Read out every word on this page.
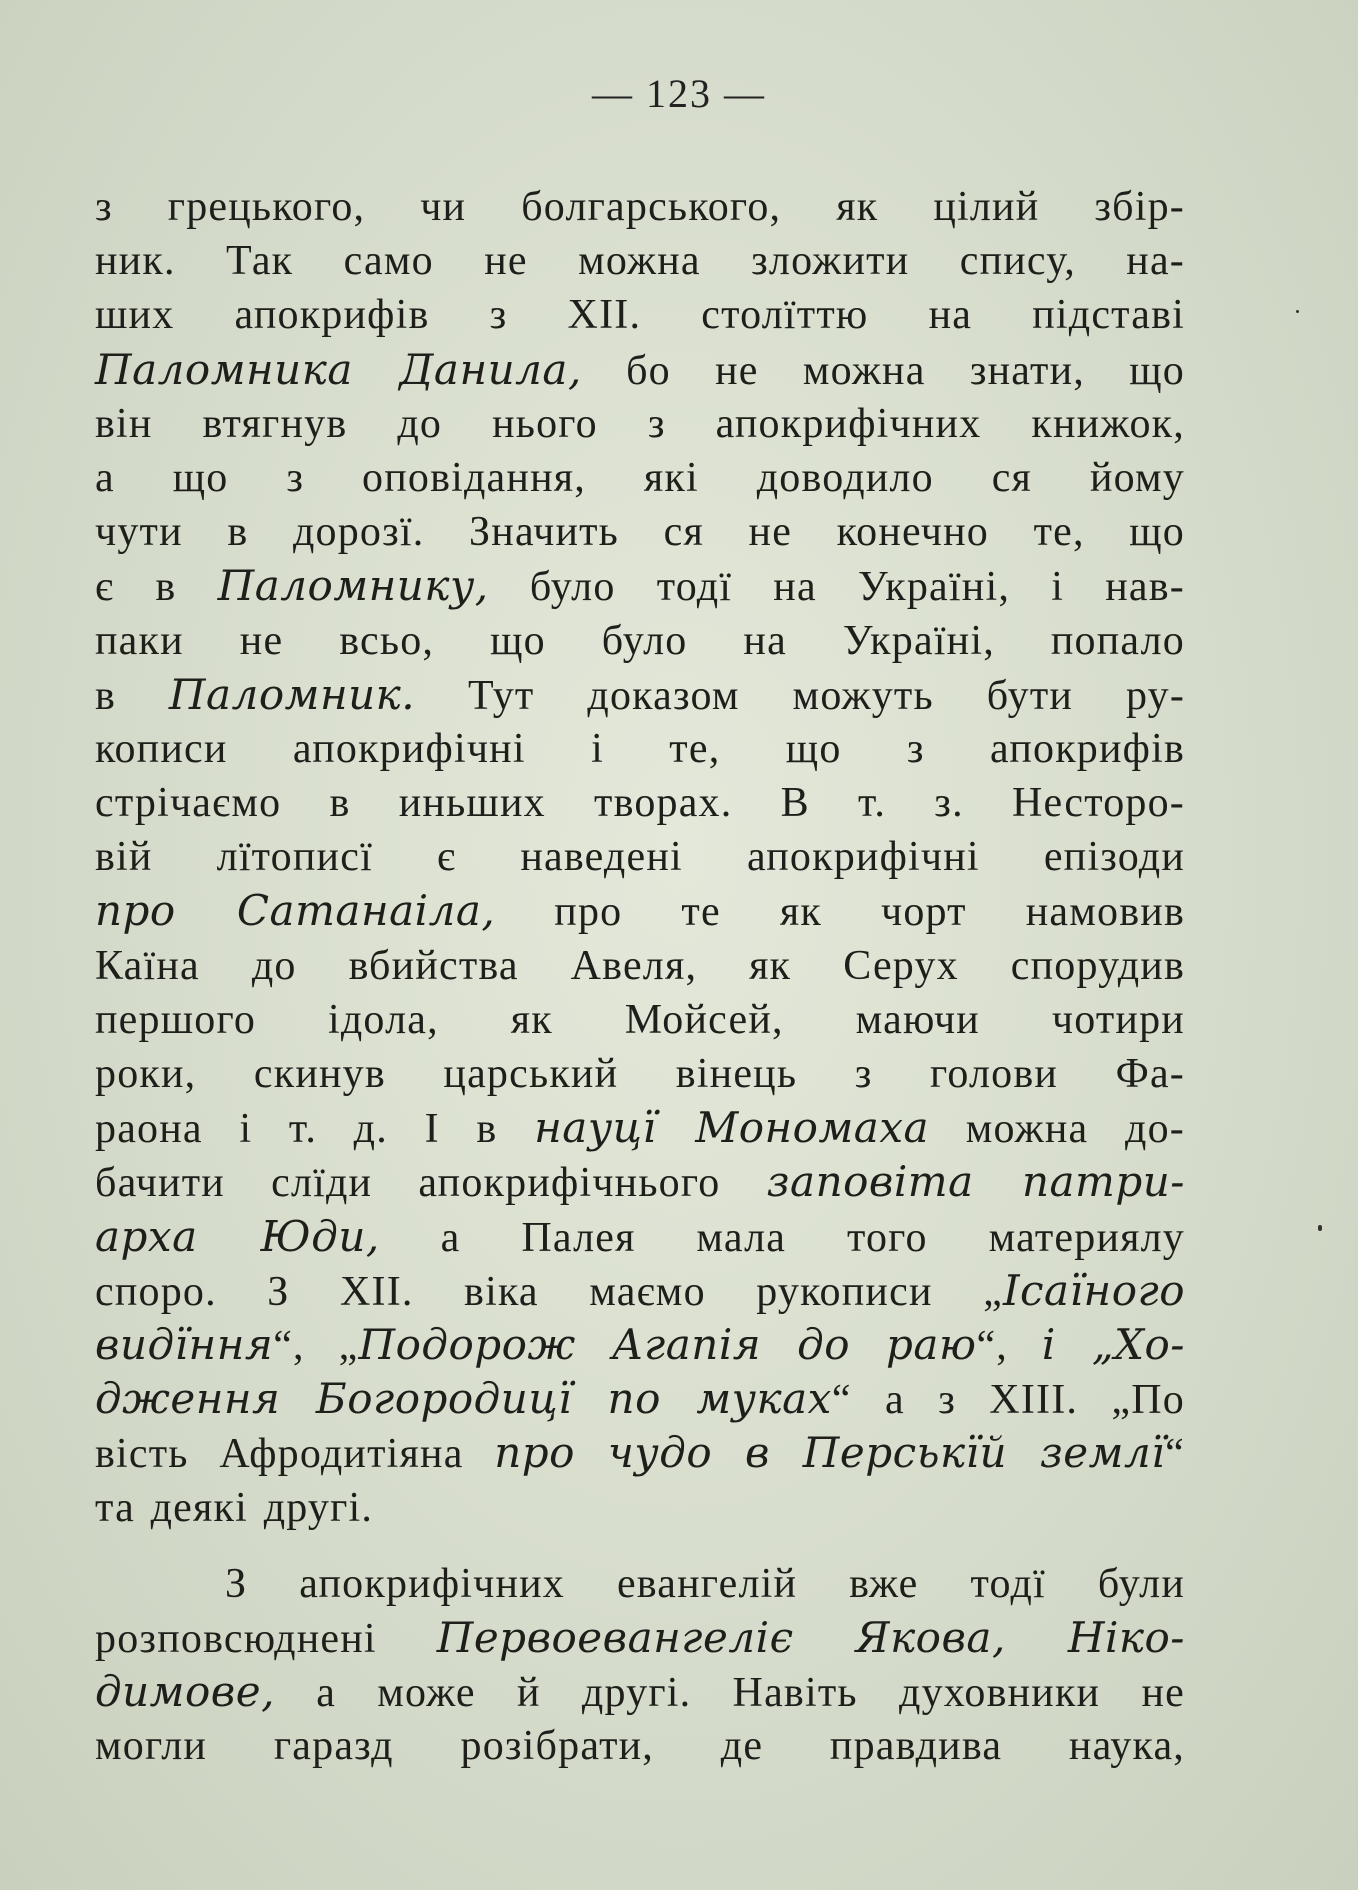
— 123 —
з грецького, чи болгарського, як цілий збір-
ник. Так само не можна зложити спису, на-
ших апокрифів з XII. столїттю на підставі
Паломника Данила, бо не можна знати, що
він втягнув до нього з апокрифічних книжок,
а що з оповідання, які доводило ся йому
чути в дорозї. Значить ся не конечно те, що
є в Паломнику, було тодї на Україні, і нав-
паки не всьо, що було на Україні, попало
в Паломник. Тут доказом можуть бути ру-
кописи апокрифічні і те, що з апокрифів
стрічаємо в иньших творах. В т. з. Несторо-
вій лїтописї є наведені апокрифічні епізоди
про Сатанаіла, про те як чорт намовив
Каїна до вбийства Авеля, як Серух спорудив
першого ідола, як Мойсей, маючи чотири
роки, скинув царський вінець з голови Фа-
раона і т. д. І в науцї Мономаха можна до-
бачити слїди апокрифічнього заповіта патри-
арха Юди, а Палея мала того материялу
споро. З XII. віка маємо рукописи „Ісаїного
видїння“, „Подорож Агапія до раю“, і „Хо-
дження Богородицї по муках“ а з XIII. „По
вість Афродитіяна про чудо в Перськїй землї“
та деякі другі.
З апокрифічних евангелій вже тодї були
розповсюднені Первоевангеліє Якова, Ніко-
димове, а може й другі. Навіть духовники не
могли гаразд розібрати, де правдива наука,
